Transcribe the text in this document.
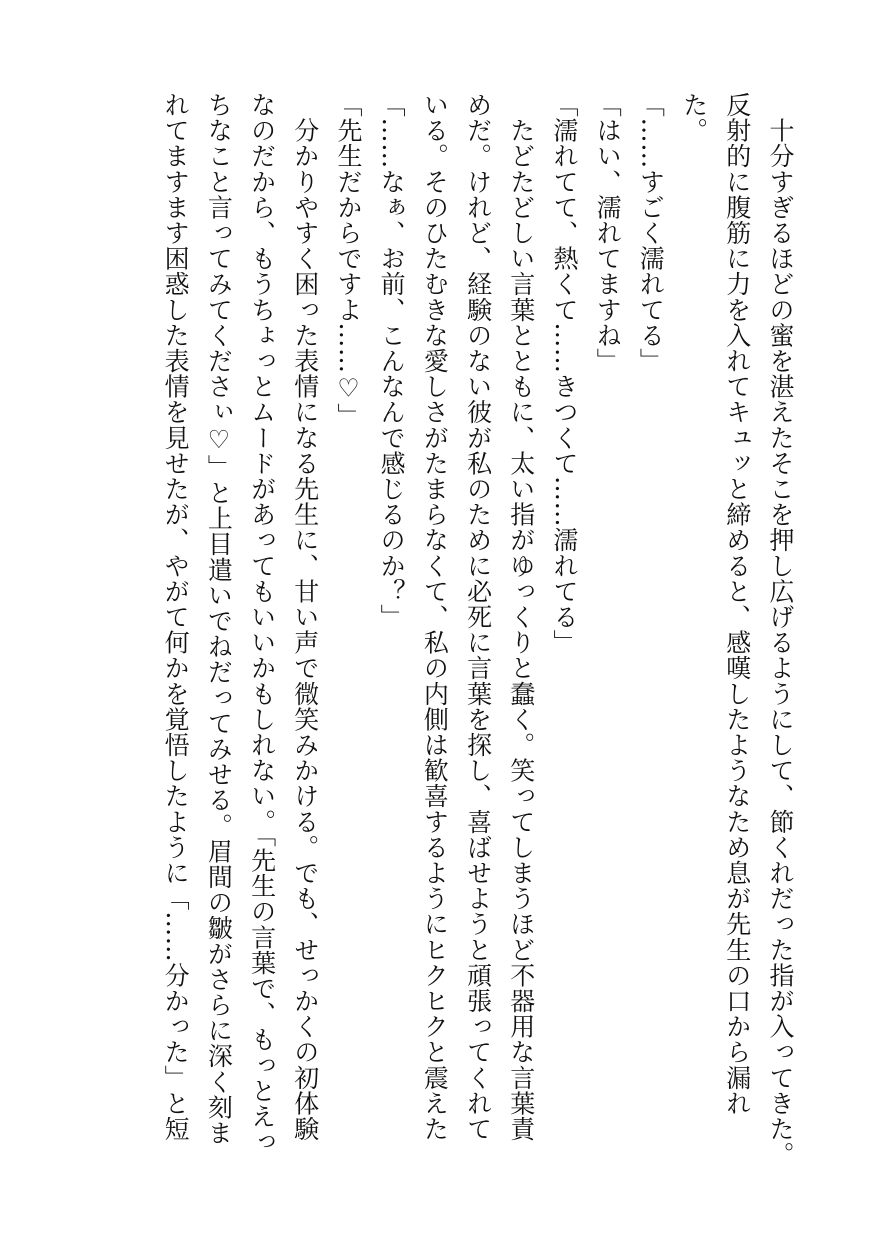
　十分すぎるほどの蜜を湛えたそこを押し広げるようにして、節くれだった指が入ってきた。
反射的に腹筋に力を入れてキュッと締めると、感嘆したようなため息が先生の口から漏れ
た。
「……すごく濡れてる」
「はい、濡れてますね」
「濡れてて、熱くて……きつくて……濡れてる」
　たどたどしい言葉とともに、太い指がゆっくりと蠢く。笑ってしまうほど不器用な言葉責
めだ。けれど、経験のない彼が私のために必死に言葉を探し、喜ばせようと頑張ってくれて
いる。そのひたむきな愛しさがたまらなくて、私の内側は歓喜するようにヒクヒクと震えた
「……なぁ、お前、こんなんで感じるのか？」
「先生だからですよ……♡」
　分かりやすく困った表情になる先生に、甘い声で微笑みかける。でも、せっかくの初体験
なのだから、もうちょっとムードがあってもいいかもしれない。「先生の言葉で、もっとえっ
ちなこと言ってみてくださぃ♡」と上目遣いでねだってみせる。眉間の皺がさらに深く刻ま
れてますます困惑した表情を見せたが、やがて何かを覚悟したように「……分かった」と短
